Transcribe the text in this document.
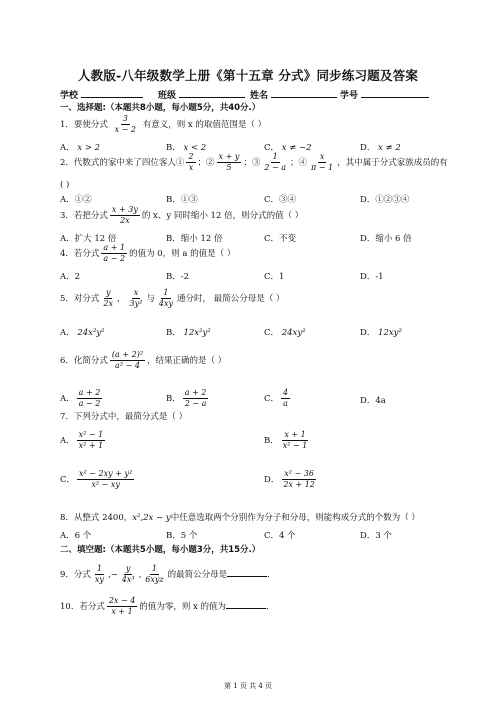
人教版-八年级数学上册《第十五章 分式》同步练习题及答案
学校	班级	姓名	学号
一、选择题:（本题共8小题，每小题5分，共40分.）
1．要使分式 $\frac{3}{x - 2}$ 有意义，则 x 的取值范围是（ ）
A． x > 2	B． x < 2	C． x ≠ −2	D． x ≠ 2
2．代数式的家中来了四位客人① $\frac{2}{x}$ ；② $\frac{x + y}{5}$ ；③ $\frac{1}{2 - a}$ ；④ $\frac{x}{\pi - 1}$ ，其中属于分式家族成员的有
( )
A．①②	B．①③	C．③④	D．①②③④
3．若把分式 $\frac{x + 3y}{2x}$ 的 x、y 同时缩小 12 倍，则分式的值（ ）
A．扩大 12 倍	B．缩小 12 倍	C．不变	D．缩小 6 倍
4．若分式 $\frac{a + 1}{a - 2}$ 的值为 0，则 a 的值是（ ）
A．2	B．-2	C．1	D．-1
5．对分式 $\frac{y}{2x}$ ， $\frac{x}{\text{3y²}}$ 与 $\frac{1}{4xy}$ 通分时， 最简公分母是（ ）
A． 24x²y²	B． 12x²y²	C． 24xy²	D． 12xy²
6．化简分式 $\frac{\text{(a + 2)²}}{\text{a² − 4}}$ ，结果正确的是（ ）
A． $\frac{a + 2}{a - 2}$	B． $\frac{a + 2}{2 - a}$	C． $\frac{4}{a}$	D．4a
7．下列分式中，最简分式是（ ）
A． $\frac{\text{x² − 1}}{\text{x² + 1}}$	B． $\frac{x + 1}{\text{x² − 1}}$
C． $\frac{\text{x² − 2xy + y²}}{\text{x² − xy}}$	D． $\frac{\text{x² − 36}}{2x + 12}$
8．从整式 2400，x²,2x − y中任意选取两个分别作为分子和分母，则能构成分式的个数为（ ）
A．6 个	B．5 个	C．4 个	D．3 个
二、填空题:（本题共5小题，每小题3分，共15分.）
9．分式 $\frac{1}{xy}$ ,− $\frac{y}{\text{4x³}}$ , $\frac{1}{\text{6xyz}}$ 的最简公分母是	．
10．若分式 $\frac{2x - 4}{x + 1}$ 的值为零，则 x 的值为	．
第 1 页 共 4 页
